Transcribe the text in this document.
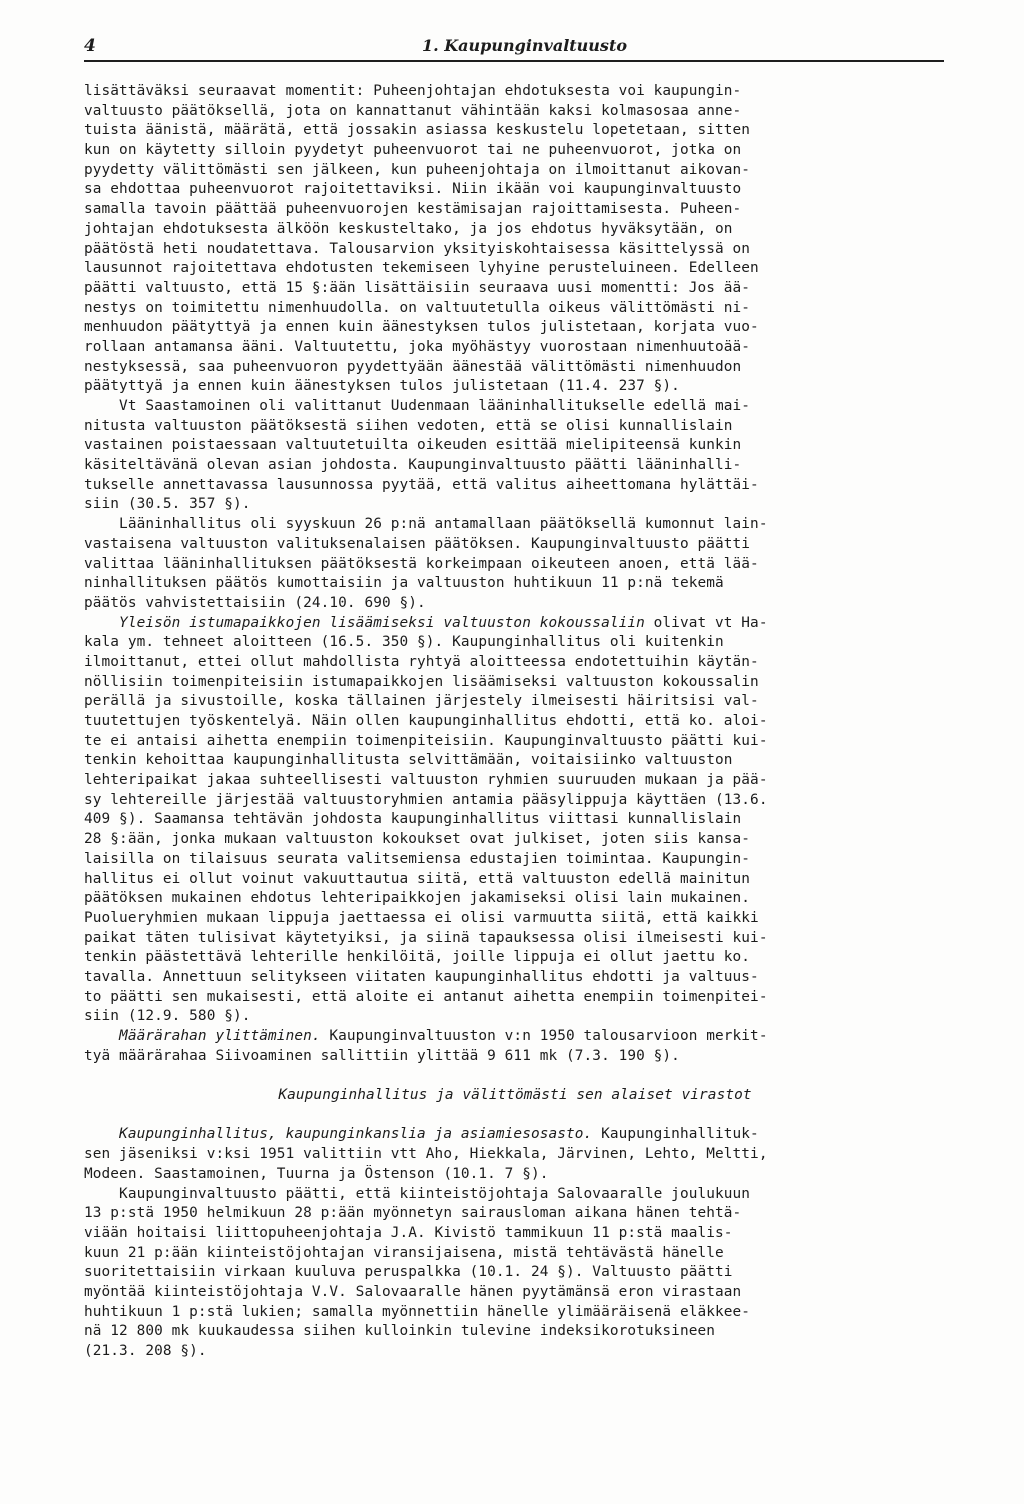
4	1. Kaupunginvaltuusto
lisättäväksi seuraavat momentit: Puheenjohtajan ehdotuksesta voi kaupungin-
valtuusto päätöksellä, jota on kannattanut vähintään kaksi kolmasosaa anne-
tuista äänistä, määrätä, että jossakin asiassa keskustelu lopetetaan, sitten
kun on käytetty silloin pyydetyt puheenvuorot tai ne puheenvuorot, jotka on
pyydetty välittömästi sen jälkeen, kun puheenjohtaja on ilmoittanut aikovan-
sa ehdottaa puheenvuorot rajoitettaviksi. Niin ikään voi kaupunginvaltuusto
samalla tavoin päättää puheenvuorojen kestämisajan rajoittamisesta. Puheen-
johtajan ehdotuksesta älköön keskusteltako, ja jos ehdotus hyväksytään, on
päätöstä heti noudatettava. Talousarvion yksityiskohtaisessa käsittelyssä on
lausunnot rajoitettava ehdotusten tekemiseen lyhyine perusteluineen. Edelleen
päätti valtuusto, että 15 §:ään lisättäisiin seuraava uusi momentti: Jos ää-
nestys on toimitettu nimenhuudolla. on valtuutetulla oikeus välittömästi ni-
menhuudon päätyttyä ja ennen kuin äänestyksen tulos julistetaan, korjata vuo-
rollaan antamansa ääni. Valtuutettu, joka myöhästyy vuorostaan nimenhuutoää-
nestyksessä, saa puheenvuoron pyydettyään äänestää välittömästi nimenhuudon
päätyttyä ja ennen kuin äänestyksen tulos julistetaan (11.4. 237 §).
Vt Saastamoinen oli valittanut Uudenmaan lääninhallitukselle edellä mai-
nitusta valtuuston päätöksestä siihen vedoten, että se olisi kunnallislain
vastainen poistaessaan valtuutetuilta oikeuden esittää mielipiteensä kunkin
käsiteltävänä olevan asian johdosta. Kaupunginvaltuusto päätti lääninhalli-
tukselle annettavassa lausunnossa pyytää, että valitus aiheettomana hylättäi-
siin (30.5. 357 §).
Lääninhallitus oli syyskuun 26 p:nä antamallaan päätöksellä kumonnut lain-
vastaisena valtuuston valituksenalaisen päätöksen. Kaupunginvaltuusto päätti
valittaa lääninhallituksen päätöksestä korkeimpaan oikeuteen anoen, että lää-
ninhallituksen päätös kumottaisiin ja valtuuston huhtikuun 11 p:nä tekemä
päätös vahvistettaisiin (24.10. 690 §).
Yleisön istumapaikkojen lisäämiseksi valtuuston kokoussaliin olivat vt Ha-
kala ym. tehneet aloitteen (16.5. 350 §). Kaupunginhallitus oli kuitenkin
ilmoittanut, ettei ollut mahdollista ryhtyä aloitteessa endotettuihin käytän-
nöllisiin toimenpiteisiin istumapaikkojen lisäämiseksi valtuuston kokoussalin
perällä ja sivustoille, koska tällainen järjestely ilmeisesti häiritsisi val-
tuutettujen työskentelyä. Näin ollen kaupunginhallitus ehdotti, että ko. aloi-
te ei antaisi aihetta enempiin toimenpiteisiin. Kaupunginvaltuusto päätti kui-
tenkin kehoittaa kaupunginhallitusta selvittämään, voitaisiinko valtuuston
lehteripaikat jakaa suhteellisesti valtuuston ryhmien suuruuden mukaan ja pää-
sy lehtereille järjestää valtuustoryhmien antamia pääsylippuja käyttäen (13.6.
409 §). Saamansa tehtävän johdosta kaupunginhallitus viittasi kunnallislain
28 §:ään, jonka mukaan valtuuston kokoukset ovat julkiset, joten siis kansa-
laisilla on tilaisuus seurata valitsemiensa edustajien toimintaa. Kaupungin-
hallitus ei ollut voinut vakuuttautua siitä, että valtuuston edellä mainitun
päätöksen mukainen ehdotus lehteripaikkojen jakamiseksi olisi lain mukainen.
Puolueryhmien mukaan lippuja jaettaessa ei olisi varmuutta siitä, että kaikki
paikat täten tulisivat käytetyiksi, ja siinä tapauksessa olisi ilmeisesti kui-
tenkin päästettävä lehterille henkilöitä, joille lippuja ei ollut jaettu ko.
tavalla. Annettuun selitykseen viitaten kaupunginhallitus ehdotti ja valtuus-
to päätti sen mukaisesti, että aloite ei antanut aihetta enempiin toimenpitei-
siin (12.9. 580 §).
Määrärahan ylittäminen. Kaupunginvaltuuston v:n 1950 talousarvioon merkit-
tyä määrärahaa Siivoaminen sallittiin ylittää 9 611 mk (7.3. 190 §).
Kaupunginhallitus ja välittömästi sen alaiset virastot
Kaupunginhallitus, kaupunginkanslia ja asiamiesosasto. Kaupunginhallituk-
sen jäseniksi v:ksi 1951 valittiin vtt Aho, Hiekkala, Järvinen, Lehto, Meltti,
Modeen. Saastamoinen, Tuurna ja Östenson (10.1. 7 §).
Kaupunginvaltuusto päätti, että kiinteistöjohtaja Salovaaralle joulukuun
13 p:stä 1950 helmikuun 28 p:ään myönnetyn sairausloman aikana hänen tehtä-
viään hoitaisi liittopuheenjohtaja J.A. Kivistö tammikuun 11 p:stä maalis-
kuun 21 p:ään kiinteistöjohtajan viransijaisena, mistä tehtävästä hänelle
suoritettaisiin virkaan kuuluva peruspalkka (10.1. 24 §). Valtuusto päätti
myöntää kiinteistöjohtaja V.V. Salovaaralle hänen pyytämänsä eron virastaan
huhtikuun 1 p:stä lukien; samalla myönnettiin hänelle ylimääräisenä eläkkee-
nä 12 800 mk kuukaudessa siihen kulloinkin tulevine indeksikorotuksineen
(21.3. 208 §).
